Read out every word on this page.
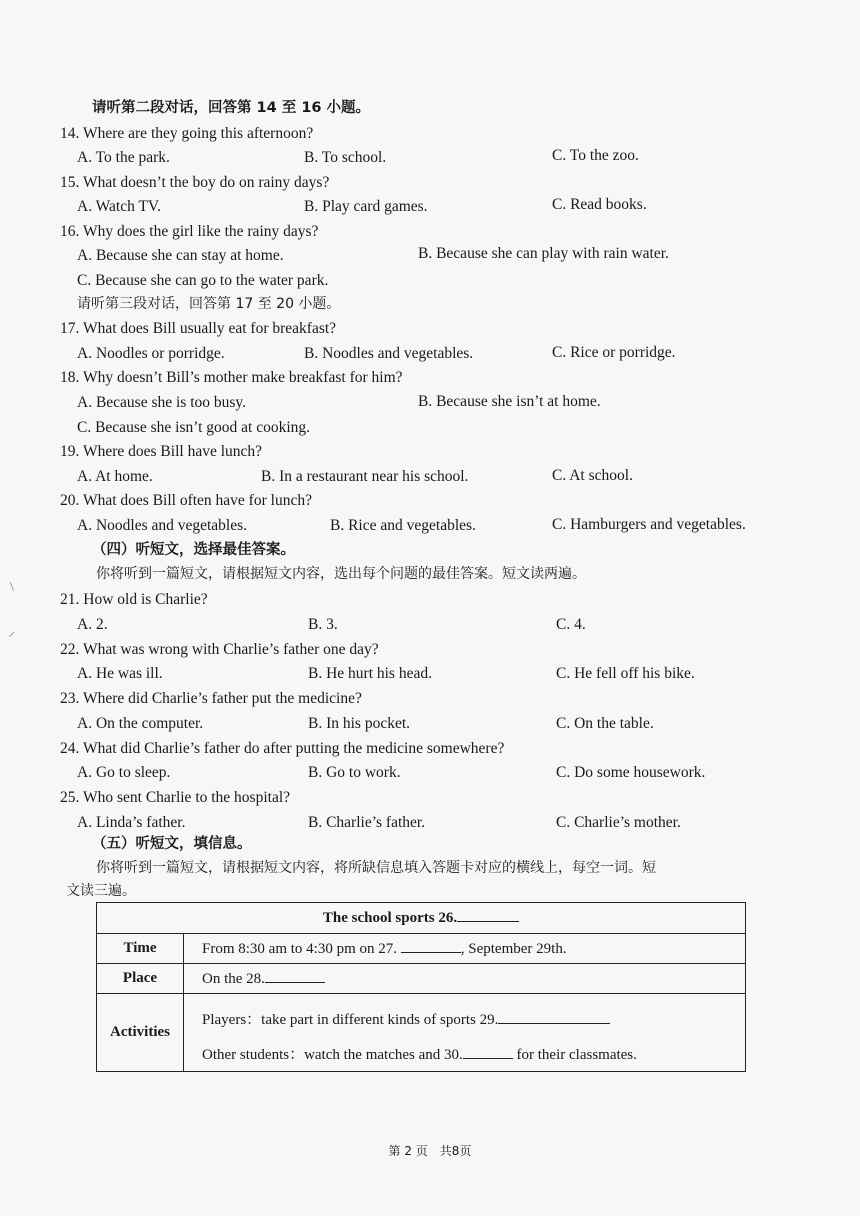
请听第二段对话，回答第 14 至 16 小题。
14. Where are they going this afternoon?
A. To the park.	B. To school.	C. To the zoo.
15. What doesn’t the boy do on rainy days?
A. Watch TV.	B. Play card games.	C. Read books.
16. Why does the girl like the rainy days?
A. Because she can stay at home.	B. Because she can play with rain water.
C. Because she can go to the water park.
请听第三段对话，回答第 17 至 20 小题。
17. What does Bill usually eat for breakfast?
A. Noodles or porridge.	B. Noodles and vegetables.	C. Rice or porridge.
18. Why doesn’t Bill’s mother make breakfast for him?
A. Because she is too busy.	B. Because she isn’t at home.
C. Because she isn’t good at cooking.
19. Where does Bill have lunch?
A. At home.	B. In a restaurant near his school.	C. At school.
20. What does Bill often have for lunch?
A. Noodles and vegetables.	B. Rice and vegetables.	C. Hamburgers and vegetables.
（四）听短文，选择最佳答案。
你将听到一篇短文，请根据短文内容，选出每个问题的最佳答案。短文读两遍。
\
⸝
21. How old is Charlie?
A. 2.	B. 3.	C. 4.
22. What was wrong with Charlie’s father one day?
A. He was ill.	B. He hurt his head.	C. He fell off his bike.
23. Where did Charlie’s father put the medicine?
A. On the computer.	B. In his pocket.	C. On the table.
24. What did Charlie’s father do after putting the medicine somewhere?
A. Go to sleep.	B. Go to work.	C. Do some housework.
25. Who sent Charlie to the hospital?
A. Linda’s father.	B. Charlie’s father.	C. Charlie’s mother.
（五）听短文，填信息。
你将听到一篇短文，请根据短文内容，将所缺信息填入答题卡对应的横线上，每空一词。短
文读三遍。
The school sports 26.	
Time	From 8:30 am to 4:30 pm on 27. , September 29th.
Place	On the 28.
Activities	Players：take part in different kinds of sports 29.
Other students：watch the matches and 30. for their classmates.
第 2 页　共8页
